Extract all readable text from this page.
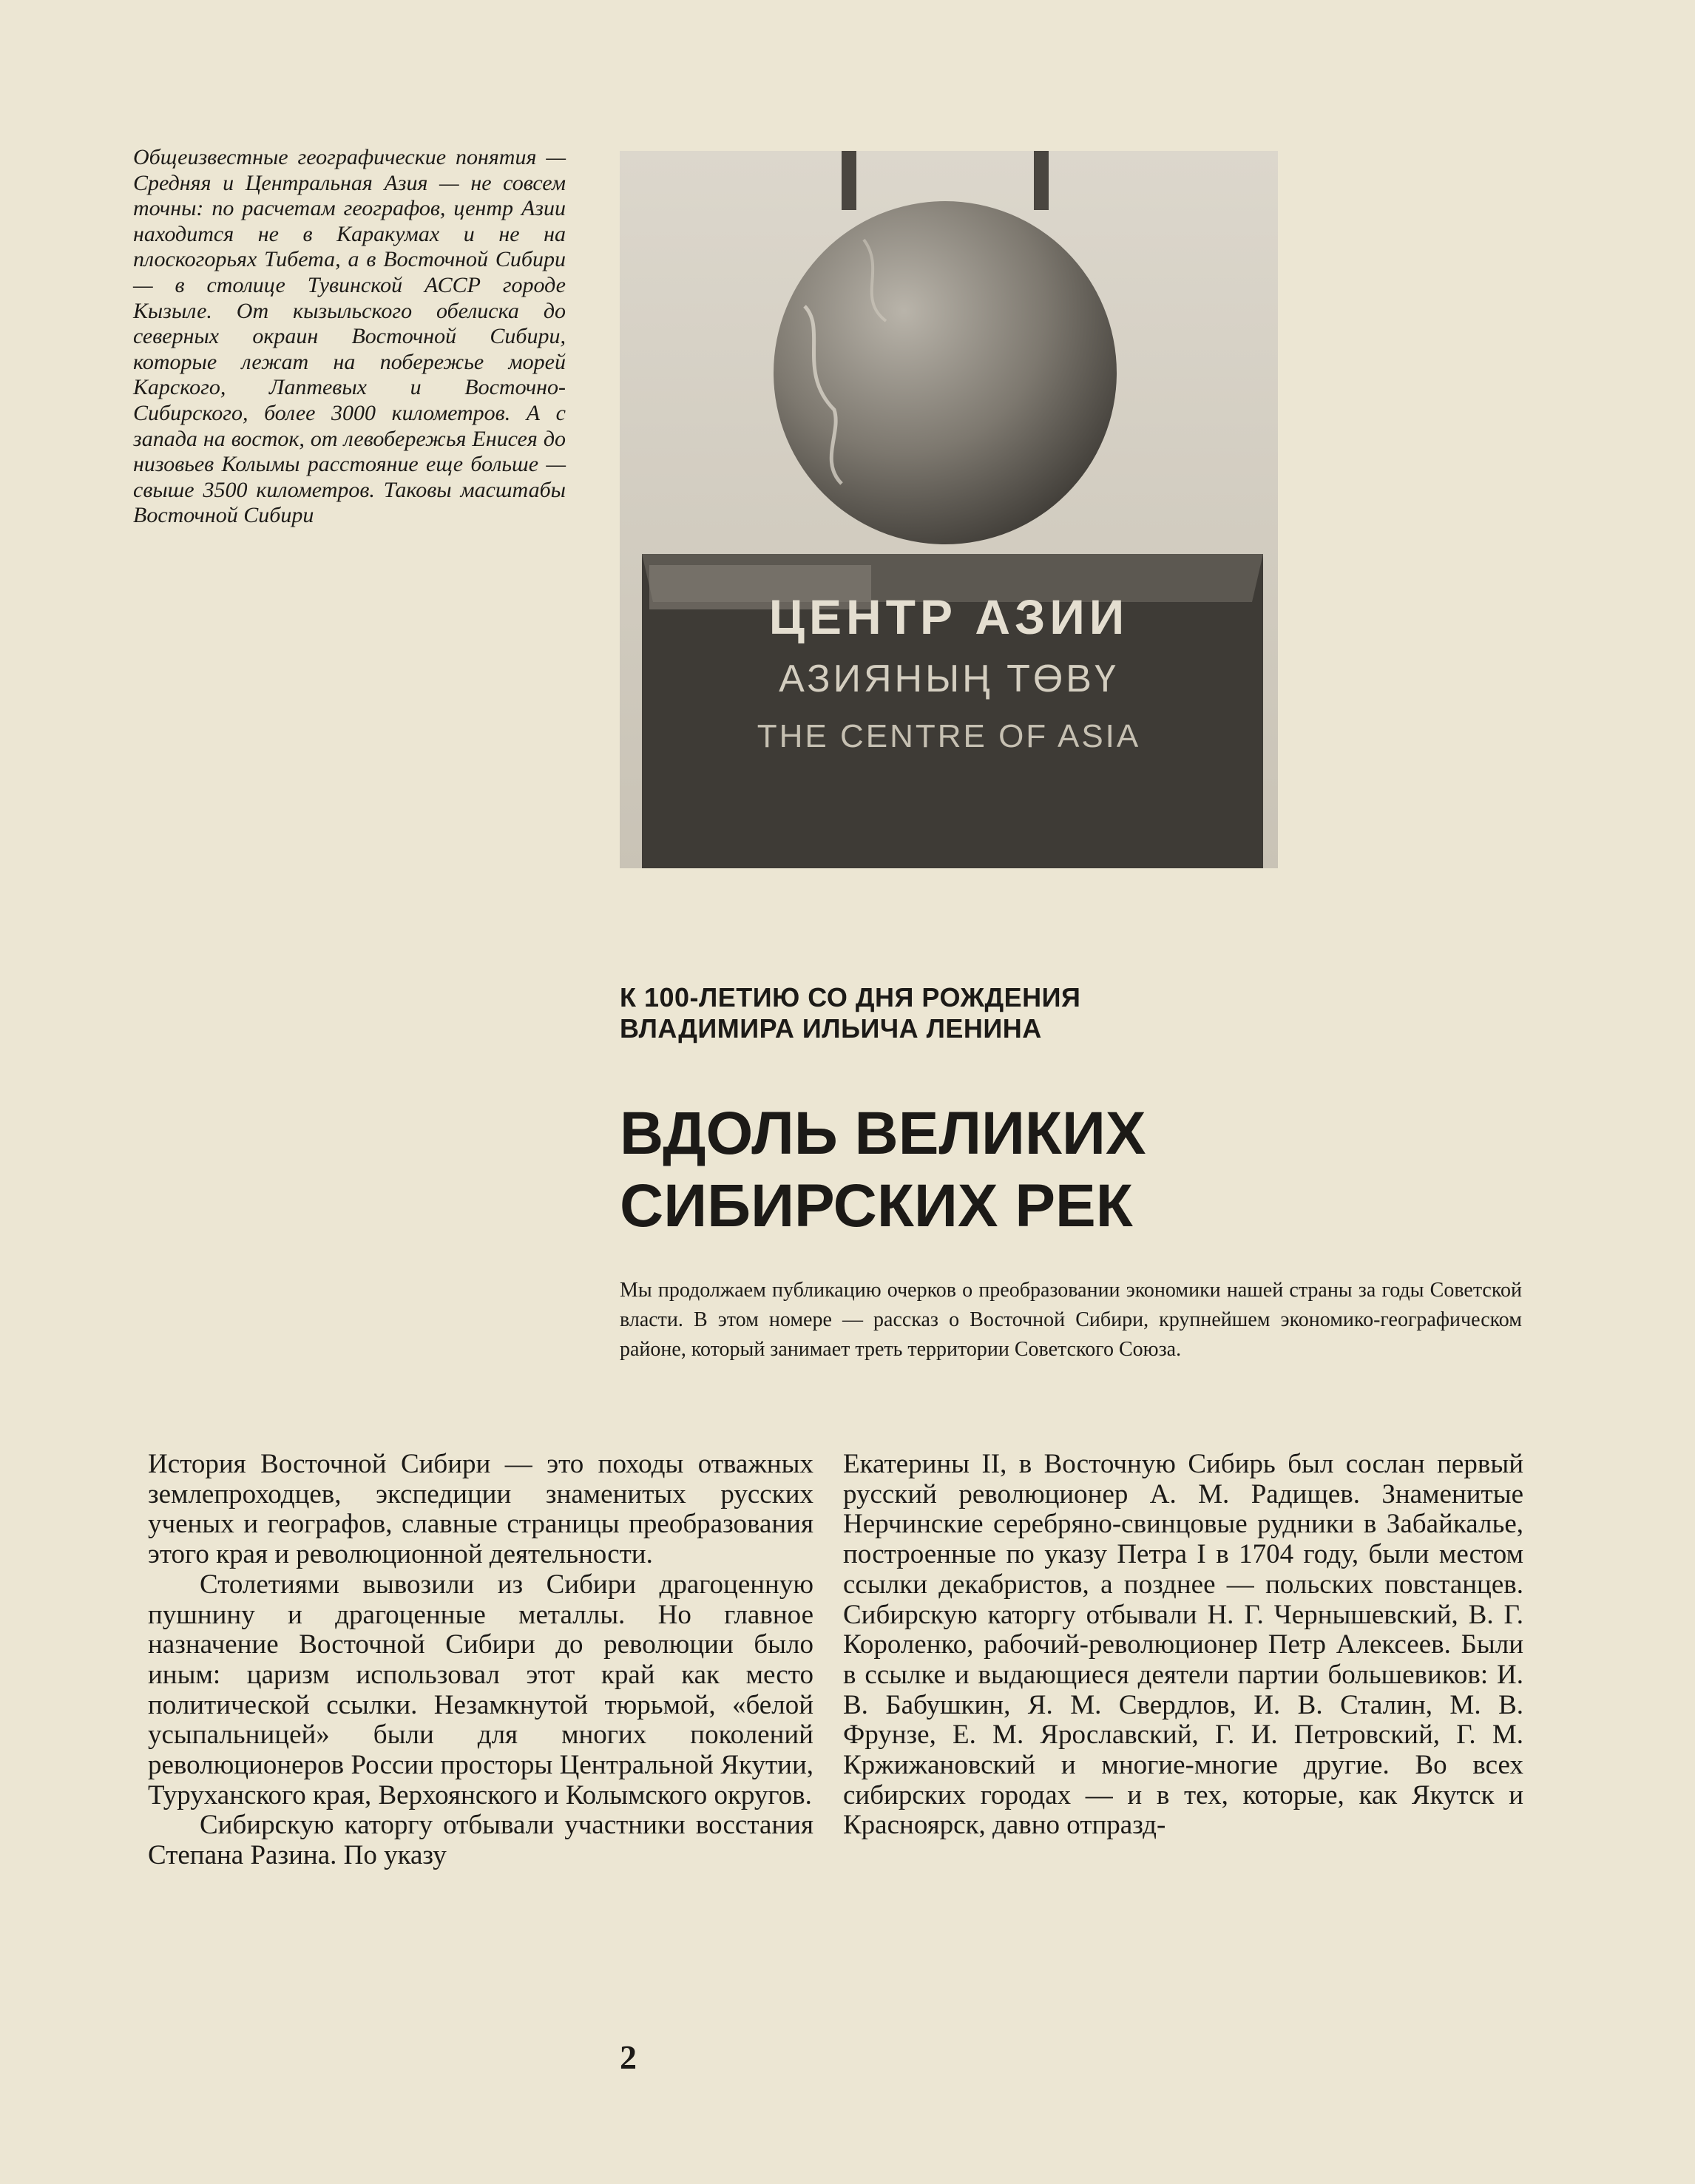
Общеизвестные географические понятия — Средняя и Центральная Азия — не совсем точны: по расчетам географов, центр Азии находится не в Каракумах и не на плоскогорьях Тибета, а в Восточной Сибири — в столице Тувинской АССР городе Кызыле. От кызыльского обелиска до северных окраин Восточной Сибири, которые лежат на побережье морей Карского, Лаптевых и Восточно-Сибирского, более 3000 километров. А с запада на восток, от левобережья Енисея до низовьев Колымы расстояние еще больше — свыше 3500 километров. Таковы масштабы Восточной Сибири

ЦЕНТР АЗИИ
АЗИЯНЫҢ ТӨВҮ
THE CENTRE OF ASIA
К 100-ЛЕТИЮ СО ДНЯ РОЖДЕНИЯ
ВЛАДИМИРА ИЛЬИЧА ЛЕНИНА
ВДОЛЬ ВЕЛИКИХ
СИБИРСКИХ РЕК

Мы продолжаем публикацию очерков о преобразовании экономики нашей страны за годы Советской власти. В этом номере — рассказ о Восточной Сибири, крупнейшем экономико-географическом районе, который занимает треть территории Советского Союза.

История Восточной Сибири — это походы отважных землепроходцев, экспедиции знаменитых русских ученых и географов, славные страницы преобразования этого края и революционной деятельности.

Столетиями вывозили из Сибири драгоценную пушнину и драгоценные металлы. Но главное назначение Восточной Сибири до революции было иным: царизм использовал этот край как место политической ссылки. Незамкнутой тюрьмой, «белой усыпальницей» были для многих поколений революционеров России просторы Центральной Якутии, Туруханского края, Верхоянского и Колымского округов.

Сибирскую каторгу отбывали участники восстания Степана Разина. По указу

Екатерины II, в Восточную Сибирь был сослан первый русский революционер А. М. Радищев. Знаменитые Нерчинские серебряно-свинцовые рудники в Забайкалье, построенные по указу Петра I в 1704 году, были местом ссылки декабристов, а позднее — польских повстанцев. Сибирскую каторгу отбывали Н. Г. Чернышевский, В. Г. Короленко, рабочий-революционер Петр Алексеев. Были в ссылке и выдающиеся деятели партии большевиков: И. В. Бабушкин, Я. М. Свердлов, И. В. Сталин, М. В. Фрунзе, Е. М. Ярославский, Г. И. Петровский, Г. М. Кржижановский и многие-многие другие. Во всех сибирских городах — и в тех, которые, как Якутск и Красноярск, давно отпразд-

2
